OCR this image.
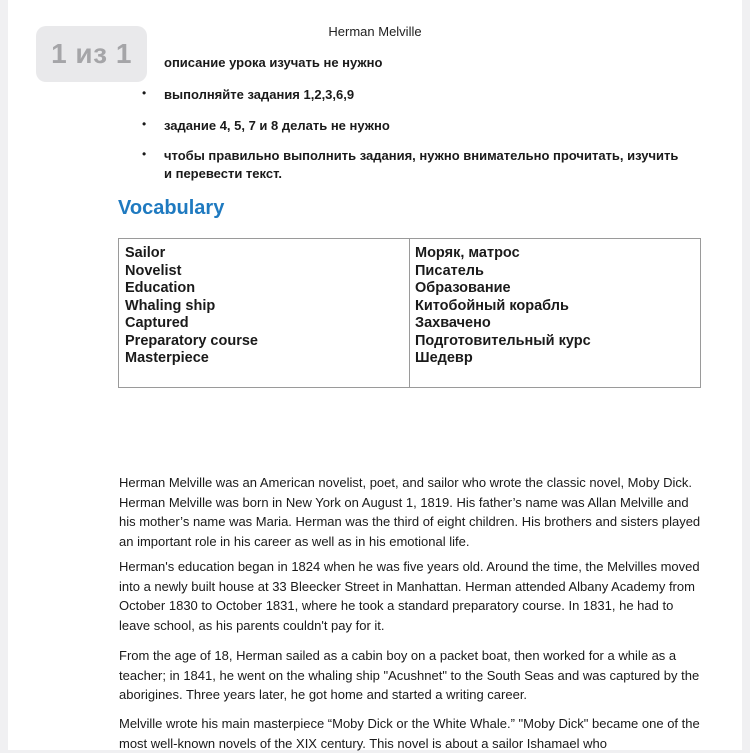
Herman Melville
описание урока изучать не нужно
• выполняйте задания 1,2,3,6,9
• задание 4, 5, 7 и 8 делать не нужно
• чтобы правильно выполнить задания, нужно внимательно прочитать, изучить и перевести текст.
Vocabulary
Sailor
Novelist
Education
Whaling ship
Captured
Preparatory course
Masterpiece
Моряк, матрос
Писатель
Образование
Китобойный корабль
Захвачено
Подготовительный курс
Шедевр
Herman Melville was an American novelist, poet, and sailor who wrote the classic novel, Moby Dick. Herman Melville was born in New York on August 1, 1819. His father’s name was Allan Melville and his mother’s name was Maria. Herman was the third of eight children. His brothers and sisters played an important role in his career as well as in his emotional life.
Herman's education began in 1824 when he was five years old. Around the time, the Melvilles moved into a newly built house at 33 Bleecker Street in Manhattan. Herman attended Albany Academy from October 1830 to October 1831, where he took a standard preparatory course. In 1831, he had to leave school, as his parents couldn't pay for it.
From the age of 18, Herman sailed as a cabin boy on a packet boat, then worked for a while as a teacher; in 1841, he went on the whaling ship "Acushnet" to the South Seas and was captured by the aborigines. Three years later, he got home and started a writing career.
Melville wrote his main masterpiece “Moby Dick or the White Whale.” "Moby Dick" became one of the most well-known novels of the XIX century. This novel is about a sailor Ishamael who
1 из 1
